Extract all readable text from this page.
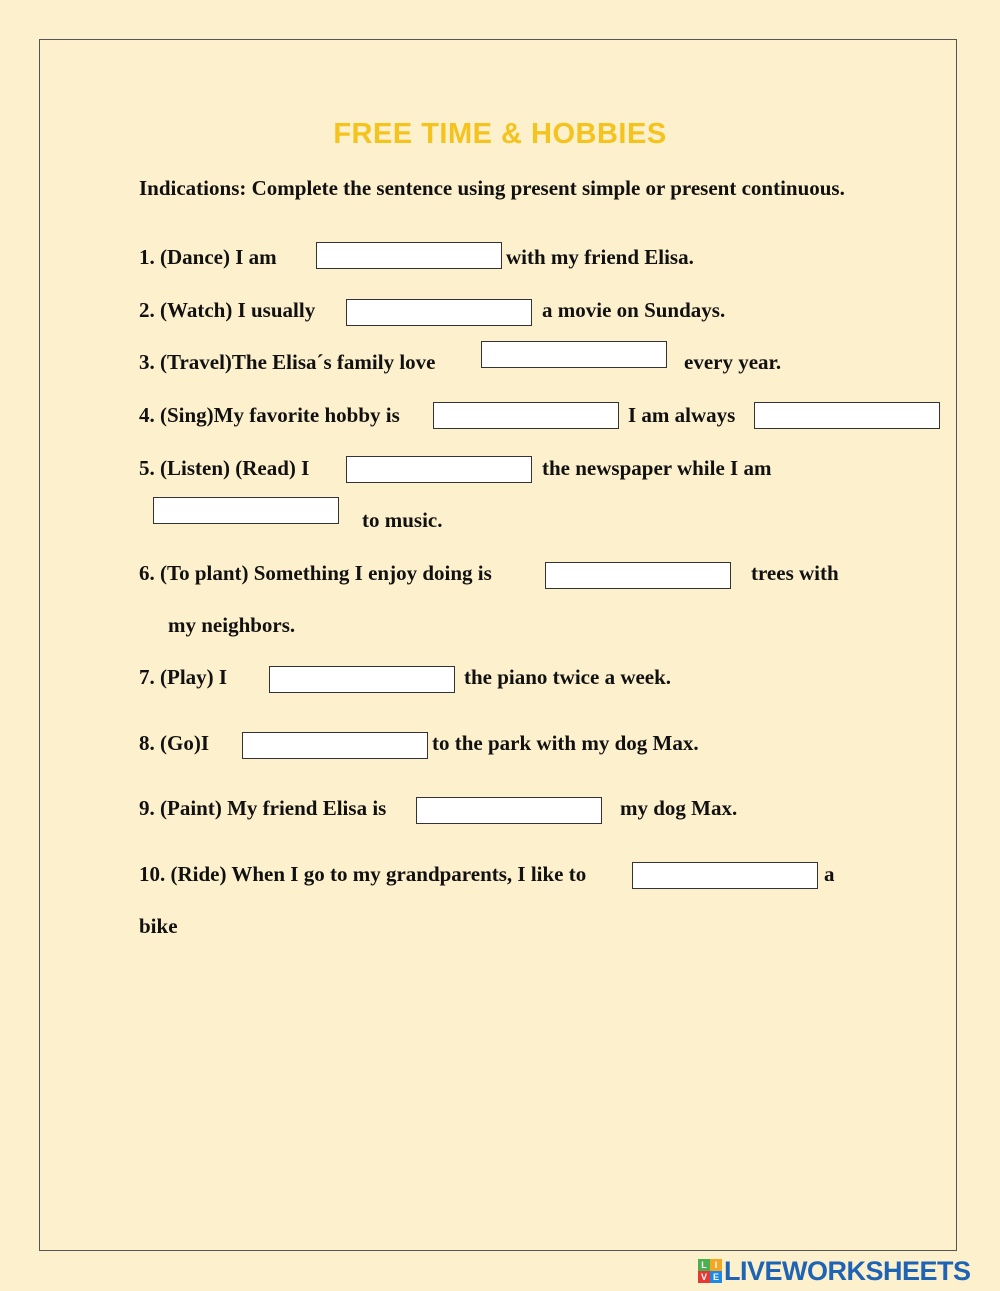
FREE TIME & HOBBIES
Indications: Complete the sentence using present simple or present continuous.
1. (Dance) I am	with my friend Elisa.
2. (Watch) I usually	a movie on Sundays.
3. (Travel)The Elisa´s family love	every year.
4. (Sing)My favorite hobby is	I am always
5. (Listen) (Read) I	the newspaper while I am
to music.
6. (To plant) Something I enjoy doing is	trees with
my neighbors.
7. (Play) I	the piano twice a week.
8. (Go)I	to the park with my dog Max.
9. (Paint) My friend Elisa is	my dog Max.
10. (Ride) When I go to my grandparents, I like to	a
bike
L I
V E LIVEWORKSHEETS
